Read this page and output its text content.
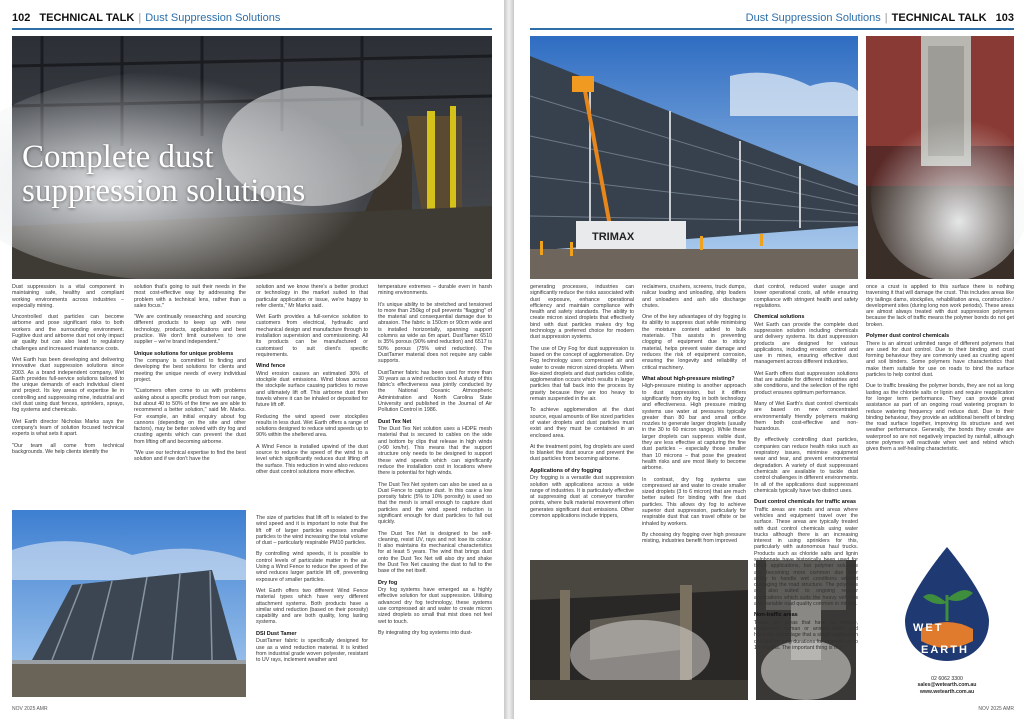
102 TECHNICAL TALK | Dust Suppression Solutions
Complete dust suppression solutions

Dust suppression is a vital component in maintaining safe, healthy and compliant working environments across industries – especially mining.

Uncontrolled dust particles can become airborne and pose significant risks to both workers and the surrounding environment. Fugitive dust and airborne dust not only impact air quality but can also lead to regulatory challenges and increased maintenance costs.

Wet Earth has been developing and delivering innovative dust suppression solutions since 2003. As a brand independent company, Wet Earth provides full-service solutions tailored to the unique demands of each individual client and project. Its key areas of expertise lie in controlling and suppressing mine, industrial and civil dust using dust fences, sprinklers, sprays, fog systems and chemicals.

Wet Earth director Nicholas Marks says the company's team of solution focused technical experts is what sets it apart.

"Our team all come from technical backgrounds. We help clients identify the

solution that's going to suit their needs in the most cost-effective way by addressing the problem with a technical lens, rather than a sales focus."

"We are continually researching and sourcing different products to keep up with new technology, products, applications and best practice. We don't limit ourselves to one supplier – we're brand independent."

Unique solutions for unique problems

The company is committed to finding and developing the best solutions for clients and meeting the unique needs of every individual project.

"Customers often come to us with problems asking about a specific product from our range, but about 40 to 50% of the time we are able to recommend a better solution," said Mr. Marks. For example, an initial enquiry about fog cannons (depending on the site and other factors), may be better solved with dry fog and crusting agents which can prevent the dust from lifting off and becoming airborne.

"We use our technical expertise to find the best solution and if we don't have the

solution and we know there's a better product or technology in the market suited to that particular application or issue, we're happy to refer clients," Mr Marks said.

Wet Earth provides a full-service solution to customers from electrical, hydraulic and mechanical design and manufacture through to installation supervision and commissioning. All its products can be manufactured or customised to suit client's specific requirements.

Wind fence

Wind erosion causes an estimated 30% of stockpile dust emissions. Wind blows across the stockpile surface causing particles to move and ultimately lift off. This airborne dust then travels where it can be inhaled or deposited for future lift off.

Reducing the wind speed over stockpiles results in less dust. Wet Earth offers a range of solutions designed to reduce wind speeds up to 90% within the sheltered area.

A Wind Fence is installed upwind of the dust source to reduce the speed of the wind to a level which significantly reduces dust lifting off the surface. This reduction in wind also reduces other dust control solutions more effective.

The size of particles that lift off is related to the wind speed and it is important to note that the lift off of larger particles exposes smaller particles to the wind increasing the total volume of dust – particularly respirable PM10 particles.

By controlling wind speeds, it is possible to control levels of particulate matter in the air. Using a Wind Fence to reduce the speed of the wind reduces larger particle lift off, preventing exposure of smaller particles.

Wet Earth offers two different Wind Fence material types which have very different attachment systems. Both products have a similar wind reduction (based on their porosity) capability and are both quality, long lasting systems.

DSI Dust Tamer

DustTamer fabric is specifically designed for use as a wind reduction material. It is knitted from industrial grade woven polyester, resistant to UV rays, inclement weather and

temperature extremes – durable even in harsh mining environments.

It's unique ability to be stretched and tensioned to more than 250kg of pull prevents "flagging" of the material and consequential damage due to abrasion. The fabric is 150cm or 90cm wide and is installed horizontally, spanning support columns as wide as 6m apart. DustTamer 6510 is 35% porous (90% wind reduction) and 6517 is 50% porous (75% wind reduction). The DustTamer material does not require any cable supports.

DustTamer fabric has been used for more than 30 years as a wind reduction tool. A study of this fabric's effectiveness was jointly conducted by the National Oceanic Atmospheric Administration and North Carolina State University and published in the Journal of Air Pollution Control in 1986.

Dust Tex Net

The Dust Tex Net solution uses a HDPE mesh material that is secured to cables on the side and bottom by clips that release in high winds (>90 km/hr). This means that the support structure only needs to be designed to support these wind speeds which can significantly reduce the installation cost in locations where there is potential for high winds.

The Dust Tex Net system can also be used as a Dust Fence to capture dust. In this case a low porosity fabric (5% to 10% porosity) is used so that the mesh is small enough to capture dust particles and the wind speed reduction is significant enough for dust particles to fall out quickly.

The Dust Tex Net is designed to be self-cleaning, resist UV, rays and not lose its colour. It also maintains its mechanical characteristics for at least 5 years. The wind that brings dust onto the Dust Tex Net will also dry and shake the Dust Tex Net causing the dust to fall to the base of the net itself.

Dry fog

Dry fog systems have emerged as a highly effective solution for dust suppression. Utilising advanced dry fog technology, these systems use compressed air and water to create micron sized droplets so small that mist does not feel wet to touch.

By integrating dry fog systems into dust-

NOV 2025 AMR
Dust Suppression Solutions | TECHNICAL TALK 103
TRIMAX

generating processes, industries can significantly reduce the risks associated with dust exposure, enhance operational efficiency and maintain compliance with health and safety standards. The ability to create micron sized droplets that effectively bind with dust particles makes dry fog technology a preferred choice for modern dust suppression systems.

The use of Dry Fog for dust suppression is based on the concept of agglomeration. Dry Fog technology uses compressed air and water to create micron sized droplets. When like-sized droplets and dust particles collide, agglomeration occurs which results in larger particles that fall back into the process by gravity because they are too heavy to remain suspended in the air.

To achieve agglomeration at the dust source, equal amounts of like sized particles of water droplets and dust particles must exist and they must be contained in an enclosed area.

At the treatment point, fog droplets are used to blanket the dust source and prevent the dust particles from becoming airborne.

Applications of dry fogging

Dry fogging is a versatile dust suppression solution with applications across a wide range of industries. It is particularly effective at suppressing dust at conveyor transfer points, where bulk material movement often generates significant dust emissions. Other common applications include trippers,

reclaimers, crushers, screens, truck dumps, railcar loading and unloading, ship loaders and unloaders and ash silo discharge chutes.

One of the key advantages of dry fogging is its ability to suppress dust while minimising the moisture content added to bulk materials. This assists in preventing clogging of equipment due to sticky material, helps prevent water damage and reduces the risk of equipment corrosion, ensuring the longevity and reliability of critical machinery.

What about high-pressure misting?

High-pressure misting is another approach to dust suppression, but it differs significantly from dry fog in both technology and effectiveness. High pressure misting systems use water at pressures typically greater than 80 bar and small orifice nozzles to generate larger droplets (usually in the 30 to 60 micron range). While these larger droplets can suppress visible dust, they are less effective at capturing the fine dust particles – especially those smaller than 10 microns – that pose the greatest health risks and are most likely to become airborne.

In contrast, dry fog systems use compressed air and water to create smaller sized droplets (3 to 6 micron) that are much better suited for binding with fine dust particles. This allows dry fog to achieve superior dust suppression, particularly for respirable dust that can travel offsite or be inhaled by workers.

By choosing dry fogging over high pressure misting, industries benefit from improved

dust control, reduced water usage and lower operational costs, all while ensuring compliance with stringent health and safety regulations.

Chemical solutions

Wet Earth can provide the complete dust suppression solution including chemicals and delivery systems. Its dust suppression products are designed for various applications, including erosion control and use in mines, ensuring effective dust management across different industries.

Wet Earth offers dust suppression solutions that are suitable for different industries and site conditions, and the selection of the right product ensures optimum performance.

Many of Wet Earth's dust control chemicals are based on new concentrated environmentally friendly polymers making them both cost-effective and non-hazardous.

By effectively controlling dust particles, companies can reduce health risks such as respiratory issues, minimise equipment wear and tear, and prevent environmental degradation. A variety of dust suppressant chemicals are available to tackle dust control challenges in different environments. In all of the applications dust suppressant chemicals typically have two distinct uses.

Dust control chemicals for traffic areas

Traffic areas are roads and areas where vehicles and equipment travel over the surface. These areas are typically treated with dust control chemicals using water trucks although there is an increasing interest in using sprinklers for this, particularly with autonomous haul trucks. Products such as chloride salts and lignin sulphonate have historically been used for these applications, but polymer solutions are becoming more common due their ability to handle wet conditions without damaging the road structure. The polymers are also suited to ongoing regular applications which suits the heavy vehicles and variable road quality common in mining.

Non-traffic areas

These are areas that have no vehicle, equipment, human or animal traffic and have the advantage that a single application can last for long durations for example up to 18 months. The important thing is that

once a crust is applied to this surface there is nothing traversing it that will damage the crust. This includes areas like dry tailings dams, stockpiles, rehabilitation area, construction / development sites (during long non work periods). These areas are almost always treated with dust suppression polymers because the lack of traffic means the polymer bonds do not get broken.

Polymer dust control chemicals

There is an almost unlimited range of different polymers that are used for dust control. Due to their binding and crust forming behaviour they are commonly used as crusting agent and soil binders. Some polymers have characteristics that make them suitable for use on roads to bind the surface particles to help control dust.

Due to traffic breaking the polymer bonds, they are not as long lasting as the chloride salts or lignin and require reapplication for longer term performance. They can provide great assistance as part of an ongoing road watering program to reduce watering frequency and reduce dust. Due to their binding behaviour, they provide an additional benefit of binding the road surface together, improving its structure and wet weather performance. Generally, the bonds they create are waterproof so are not negatively impacted by rainfall, although some polymers will reactivate when wet and rebind which gives them a self-healing characteristic.

NOV 2025 AMR
WET
EARTH
02 6062 3300
sales@wetearth.com.au
www.wetearth.com.au
